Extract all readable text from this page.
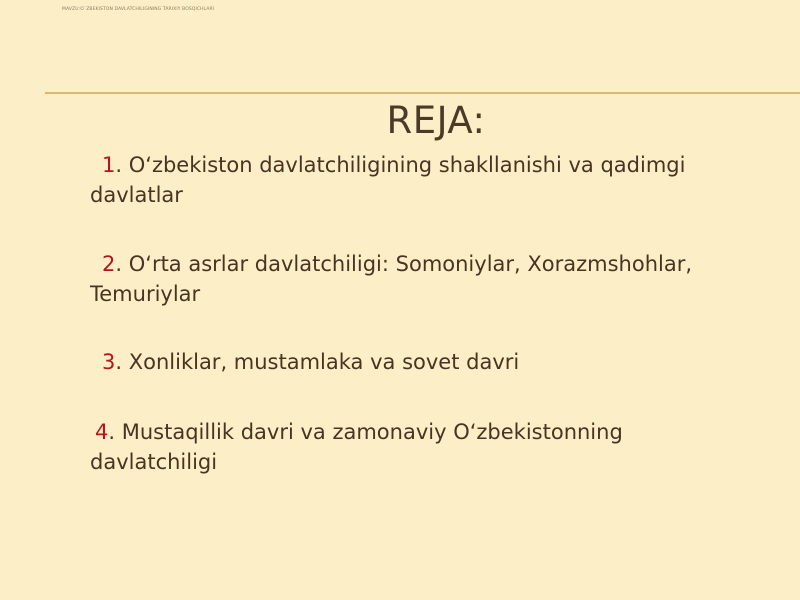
MAVZU:O`ZBEKISTON DAVLATCHILIGINING TARIXIY BOSQICHLARI
REJA:
1. O‘zbekiston davlatchiligining shakllanishi va qadimgi davlatlar
2. O‘rta asrlar davlatchiligi: Somoniylar, Xorazmshohlar, Temuriylar
3. Xonliklar, mustamlaka va sovet davri
4. Mustaqillik davri va zamonaviy O‘zbekistonning davlatchiligi
